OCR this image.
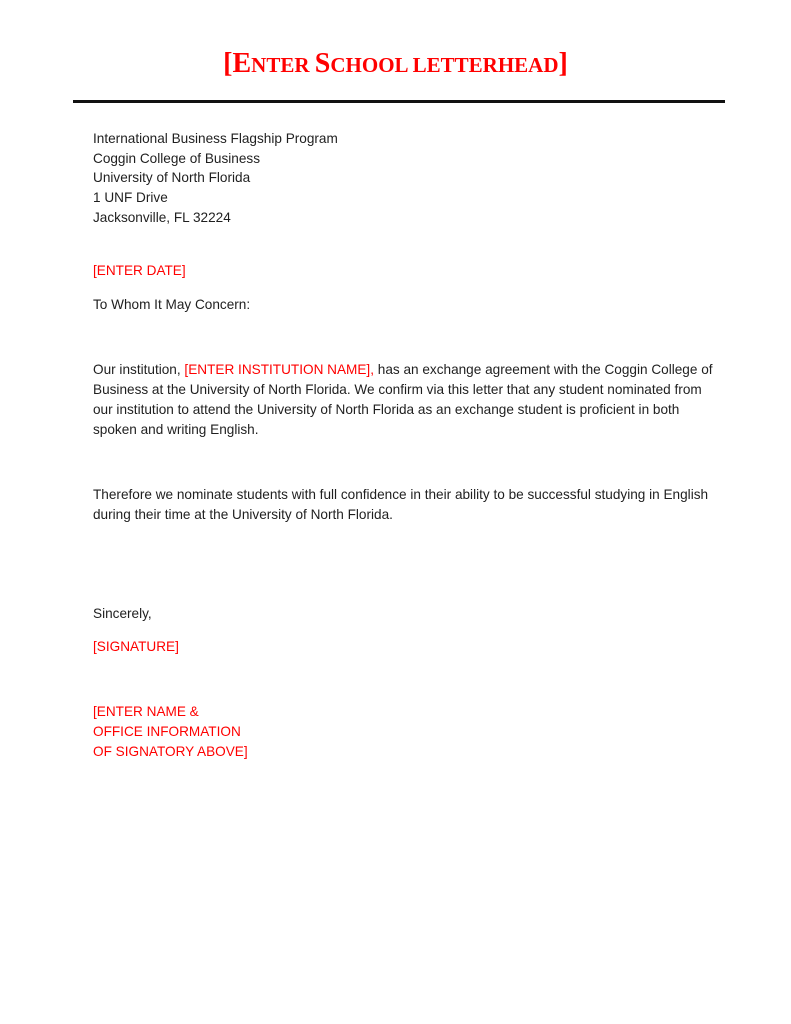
[ENTER SCHOOL LETTERHEAD]
International Business Flagship Program
Coggin College of Business
University of North Florida
1 UNF Drive
Jacksonville, FL 32224
[ENTER DATE]
To Whom It May Concern:
Our institution, [ENTER INSTITUTION NAME], has an exchange agreement with the Coggin College of
Business at the University of North Florida. We confirm via this letter that any student nominated from
our institution to attend the University of North Florida as an exchange student is proficient in both
spoken and writing English.
Therefore we nominate students with full confidence in their ability to be successful studying in English
during their time at the University of North Florida.
Sincerely,
[SIGNATURE]
[ENTER NAME &
OFFICE INFORMATION
OF SIGNATORY ABOVE]
